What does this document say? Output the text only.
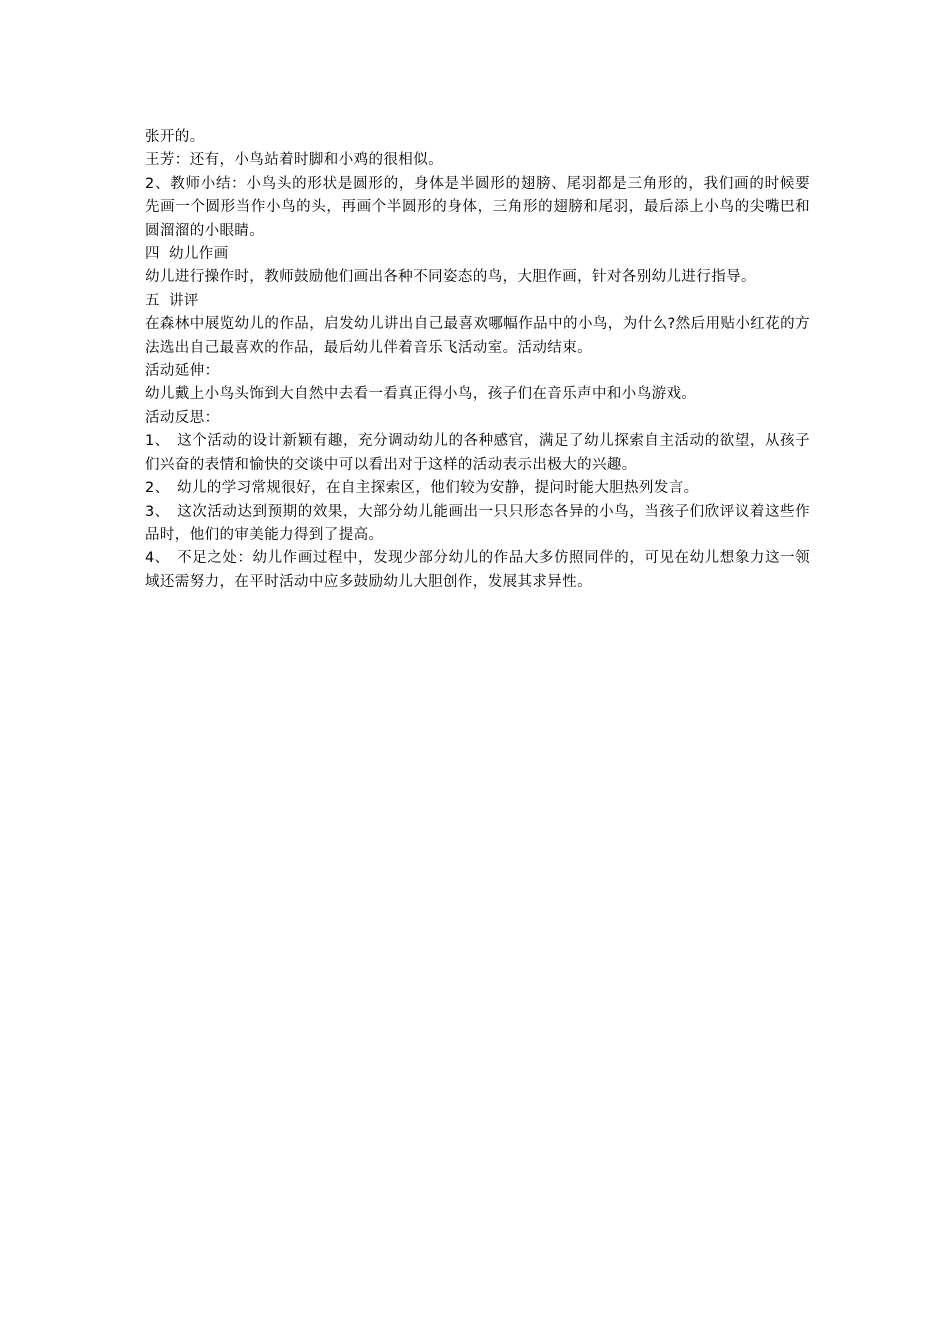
张开的。

王芳：还有，小鸟站着时脚和小鸡的很相似。

2、教师小结：小鸟头的形状是圆形的，身体是半圆形的翅膀、尾羽都是三角形的，我们画的时候要先画一个圆形当作小鸟的头，再画个半圆形的身体，三角形的翅膀和尾羽，最后添上小鸟的尖嘴巴和圆溜溜的小眼睛。

四 幼儿作画

幼儿进行操作时，教师鼓励他们画出各种不同姿态的鸟，大胆作画，针对各别幼儿进行指导。

五 讲评

在森林中展览幼儿的作品，启发幼儿讲出自己最喜欢哪幅作品中的小鸟，为什么?然后用贴小红花的方法选出自己最喜欢的作品，最后幼儿伴着音乐飞活动室。活动结束。

活动延伸：

幼儿戴上小鸟头饰到大自然中去看一看真正得小鸟，孩子们在音乐声中和小鸟游戏。

活动反思：

1、 这个活动的设计新颖有趣，充分调动幼儿的各种感官，满足了幼儿探索自主活动的欲望，从孩子们兴奋的表情和愉快的交谈中可以看出对于这样的活动表示出极大的兴趣。

2、 幼儿的学习常规很好，在自主探索区，他们较为安静，提问时能大胆热列发言。

3、 这次活动达到预期的效果，大部分幼儿能画出一只只形态各异的小鸟，当孩子们欣评议着这些作品时，他们的审美能力得到了提高。

4、 不足之处：幼儿作画过程中，发现少部分幼儿的作品大多仿照同伴的，可见在幼儿想象力这一领域还需努力，在平时活动中应多鼓励幼儿大胆创作，发展其求异性。
